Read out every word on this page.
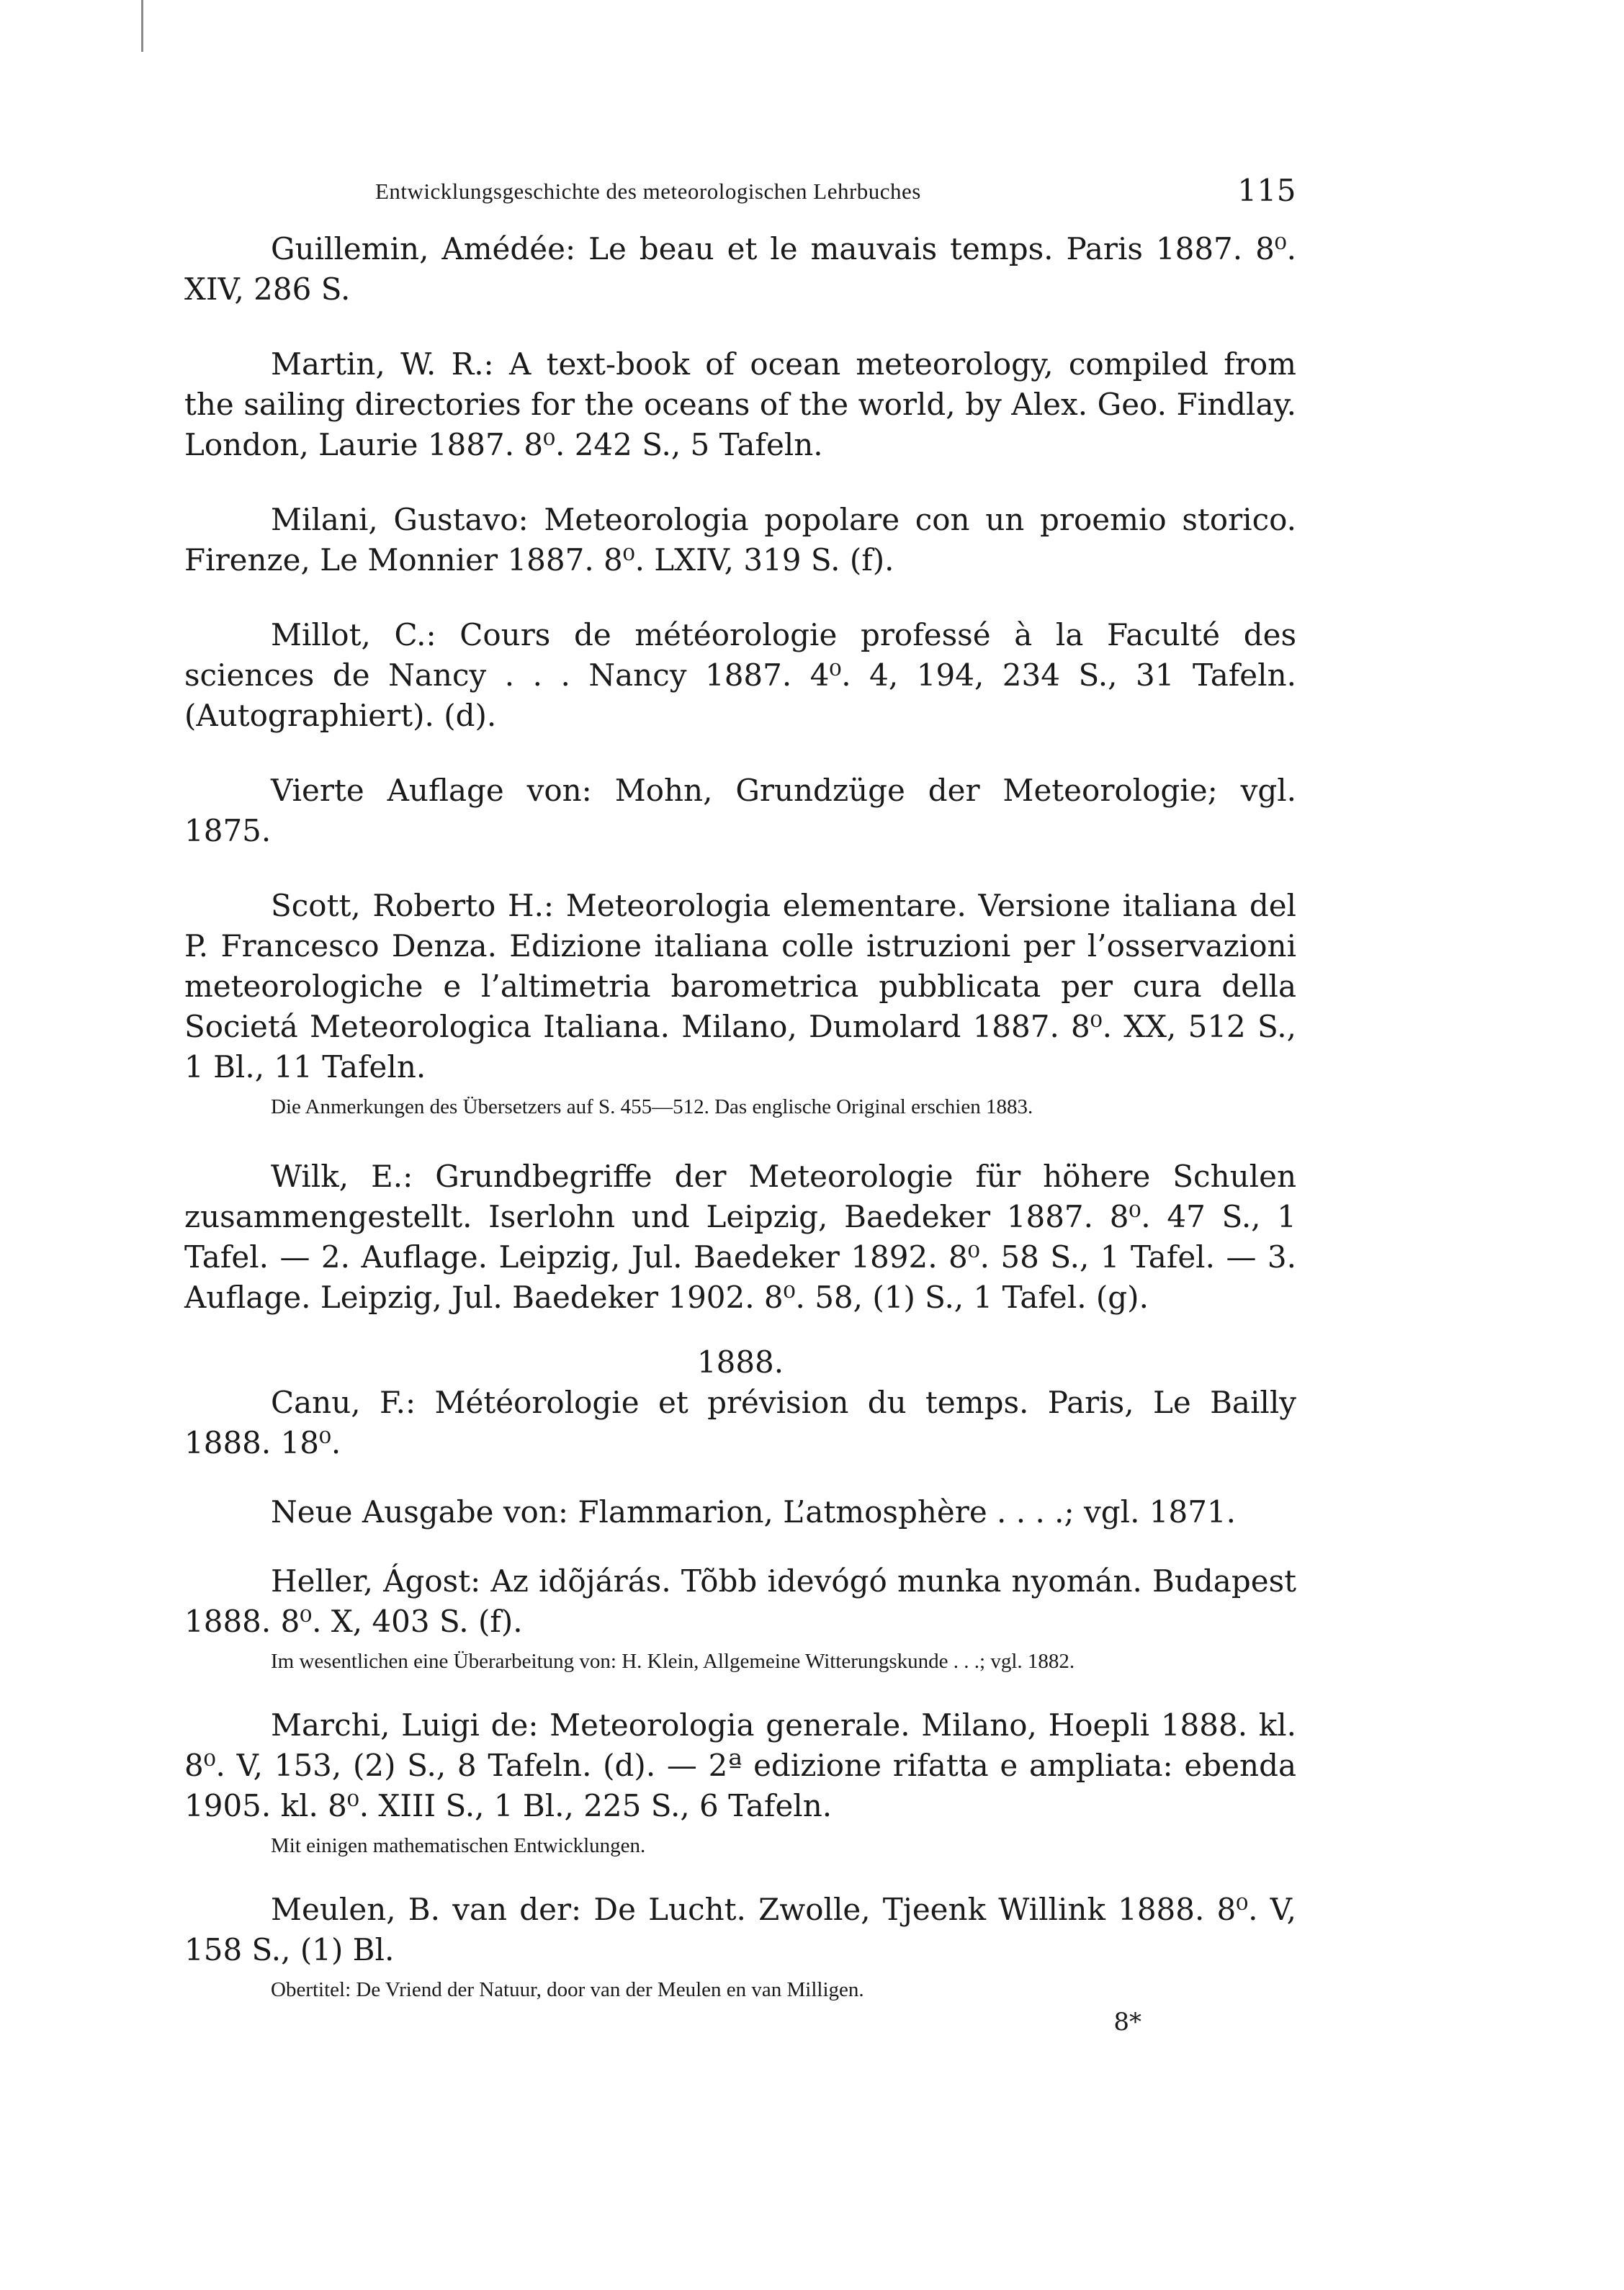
Entwicklungsgeschichte des meteorologischen Lehrbuches	115

Guillemin, Amédée: Le beau et le mauvais temps. Paris 1887. 8⁰. XIV, 286 S.

Martin, W. R.: A text-book of ocean meteorology, compiled from the sailing directories for the oceans of the world, by Alex. Geo. Findlay. London, Laurie 1887. 8⁰. 242 S., 5 Tafeln.

Milani, Gustavo: Meteorologia popolare con un proemio storico. Firenze, Le Monnier 1887. 8⁰. LXIV, 319 S. (f).

Millot, C.: Cours de météorologie professé à la Faculté des sciences de Nancy . . . Nancy 1887. 4⁰. 4, 194, 234 S., 31 Tafeln. (Autographiert). (d).

Vierte Auflage von: Mohn, Grundzüge der Meteorologie; vgl. 1875.

Scott, Roberto H.: Meteorologia elementare. Versione italiana del P. Francesco Denza. Edizione italiana colle istruzioni per l’osservazioni meteorologiche e l’altimetria barometrica pubblicata per cura della Societá Meteorologica Italiana. Milano, Dumolard 1887. 8⁰. XX, 512 S., 1 Bl., 11 Tafeln.

Die Anmerkungen des Übersetzers auf S. 455—512. Das englische Original erschien 1883.

Wilk, E.: Grundbegriffe der Meteorologie für höhere Schulen zusammengestellt. Iserlohn und Leipzig, Baedeker 1887. 8⁰. 47 S., 1 Tafel. — 2. Auflage. Leipzig, Jul. Baedeker 1892. 8⁰. 58 S., 1 Tafel. — 3. Auflage. Leipzig, Jul. Baedeker 1902. 8⁰. 58, (1) S., 1 Tafel. (g).

1888.

Canu, F.: Météorologie et prévision du temps. Paris, Le Bailly 1888. 18⁰.

Neue Ausgabe von: Flammarion, L’atmosphère . . . .; vgl. 1871.

Heller, Ágost: Az idõjárás. Tõbb idevógó munka nyomán. Budapest 1888. 8⁰. X, 403 S. (f).

Im wesentlichen eine Überarbeitung von: H. Klein, Allgemeine Witterungskunde . . .; vgl. 1882.

Marchi, Luigi de: Meteorologia generale. Milano, Hoepli 1888. kl. 8⁰. V, 153, (2) S., 8 Tafeln. (d). — 2ª edizione rifatta e ampliata: ebenda 1905. kl. 8⁰. XIII S., 1 Bl., 225 S., 6 Tafeln.

Mit einigen mathematischen Entwicklungen.

Meulen, B. van der: De Lucht. Zwolle, Tjeenk Willink 1888. 8⁰. V, 158 S., (1) Bl.

Obertitel: De Vriend der Natuur, door van der Meulen en van Milligen.

8*
